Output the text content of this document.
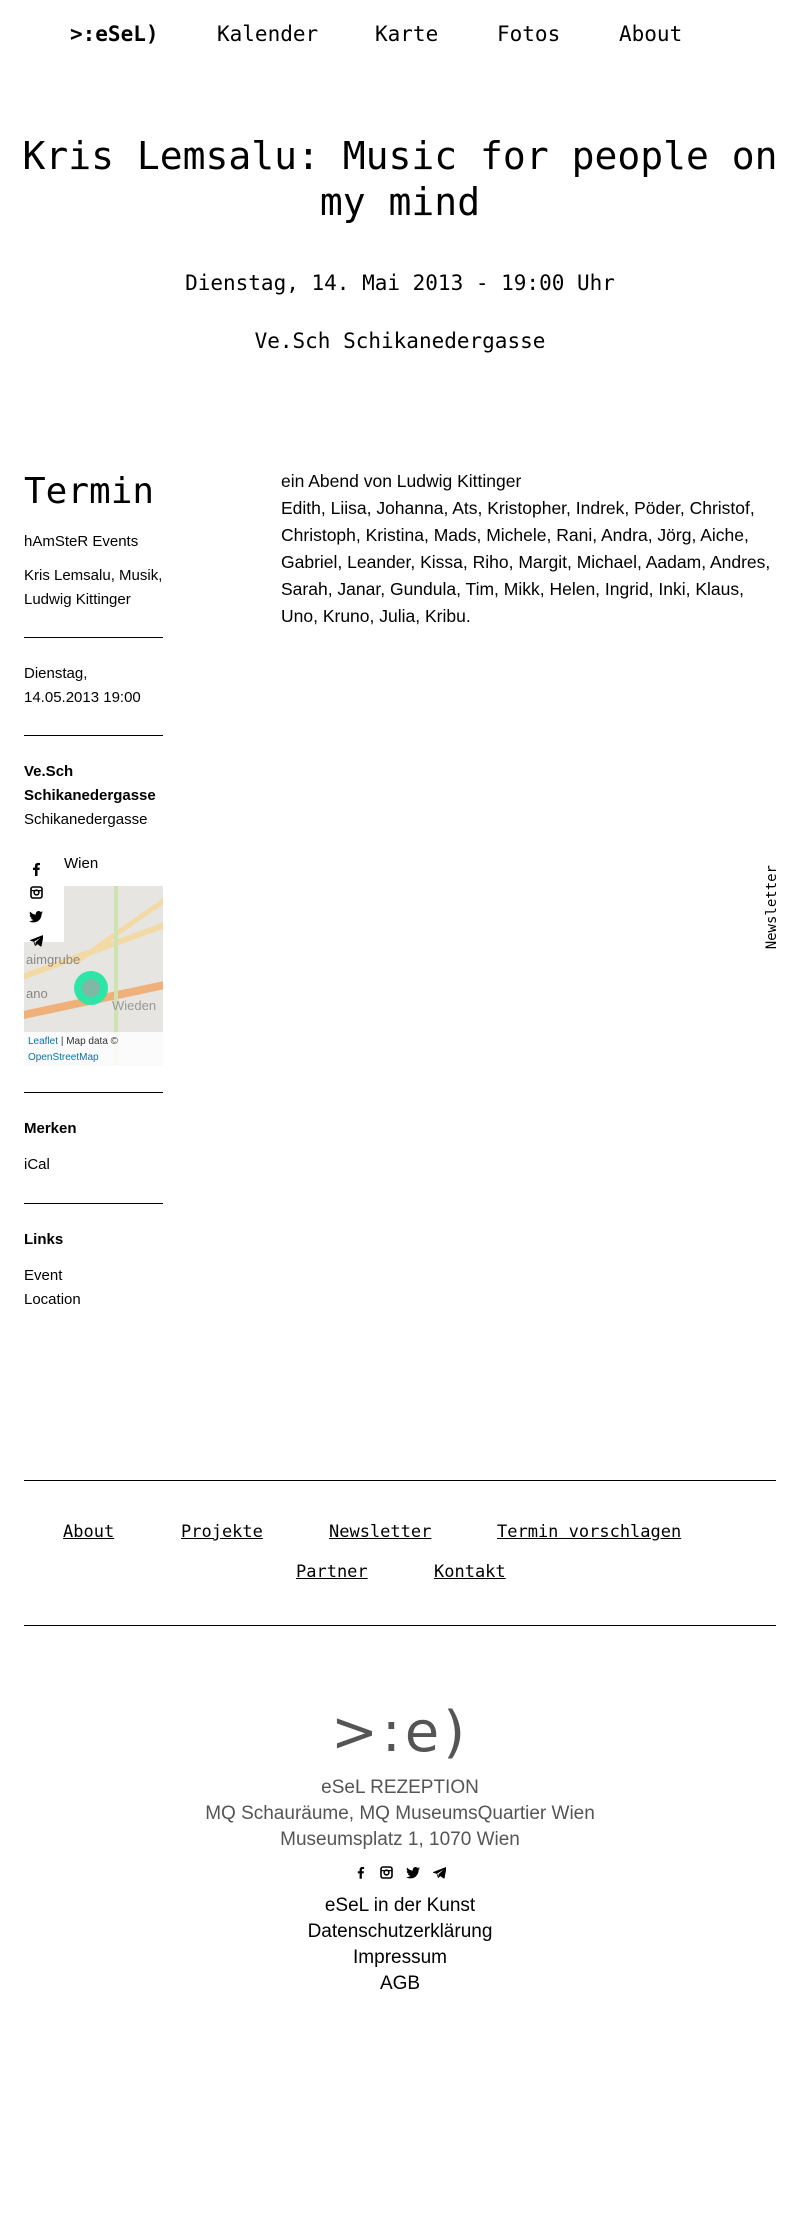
>:eSeL)	Kalender	Karte	Fotos	About
Kris Lemsalu: Music for people on my mind
Dienstag, 14. Mai 2013 - 19:00 Uhr
Ve.Sch Schikanedergasse
Termin

hAmSteR Events

Kris Lemsalu, Musik, Ludwig Kittinger

Dienstag, 14.05.2013 19:00

Ve.Sch Schikanedergasse

Schikanedergasse

Wien

aimgrube
ano
Wieden
Leaflet | Map data ©
OpenStreetMap

Merken

iCal

Links

Event

Location

ein Abend von Ludwig Kittinger

Edith, Liisa, Johanna, Ats, Kristopher, Indrek, Pöder, Christof, Christoph, Kristina, Mads, Michele, Rani, Andra, Jörg, Aiche, Gabriel, Leander, Kissa, Riho, Margit, Michael, Aadam, Andres, Sarah, Janar, Gundula, Tim, Mikk, Helen, Ingrid, Inki, Klaus, Uno, Kruno, Julia, Kribu.

Newsletter
About	Projekte	Newsletter	Termin vorschlagen
Partner	Kontakt
>:e)
eSeL REZEPTION
MQ Schauräume, MQ MuseumsQuartier Wien
Museumsplatz 1, 1070 Wien

eSeL in der Kunst
Datenschutzerklärung
Impressum
AGB
